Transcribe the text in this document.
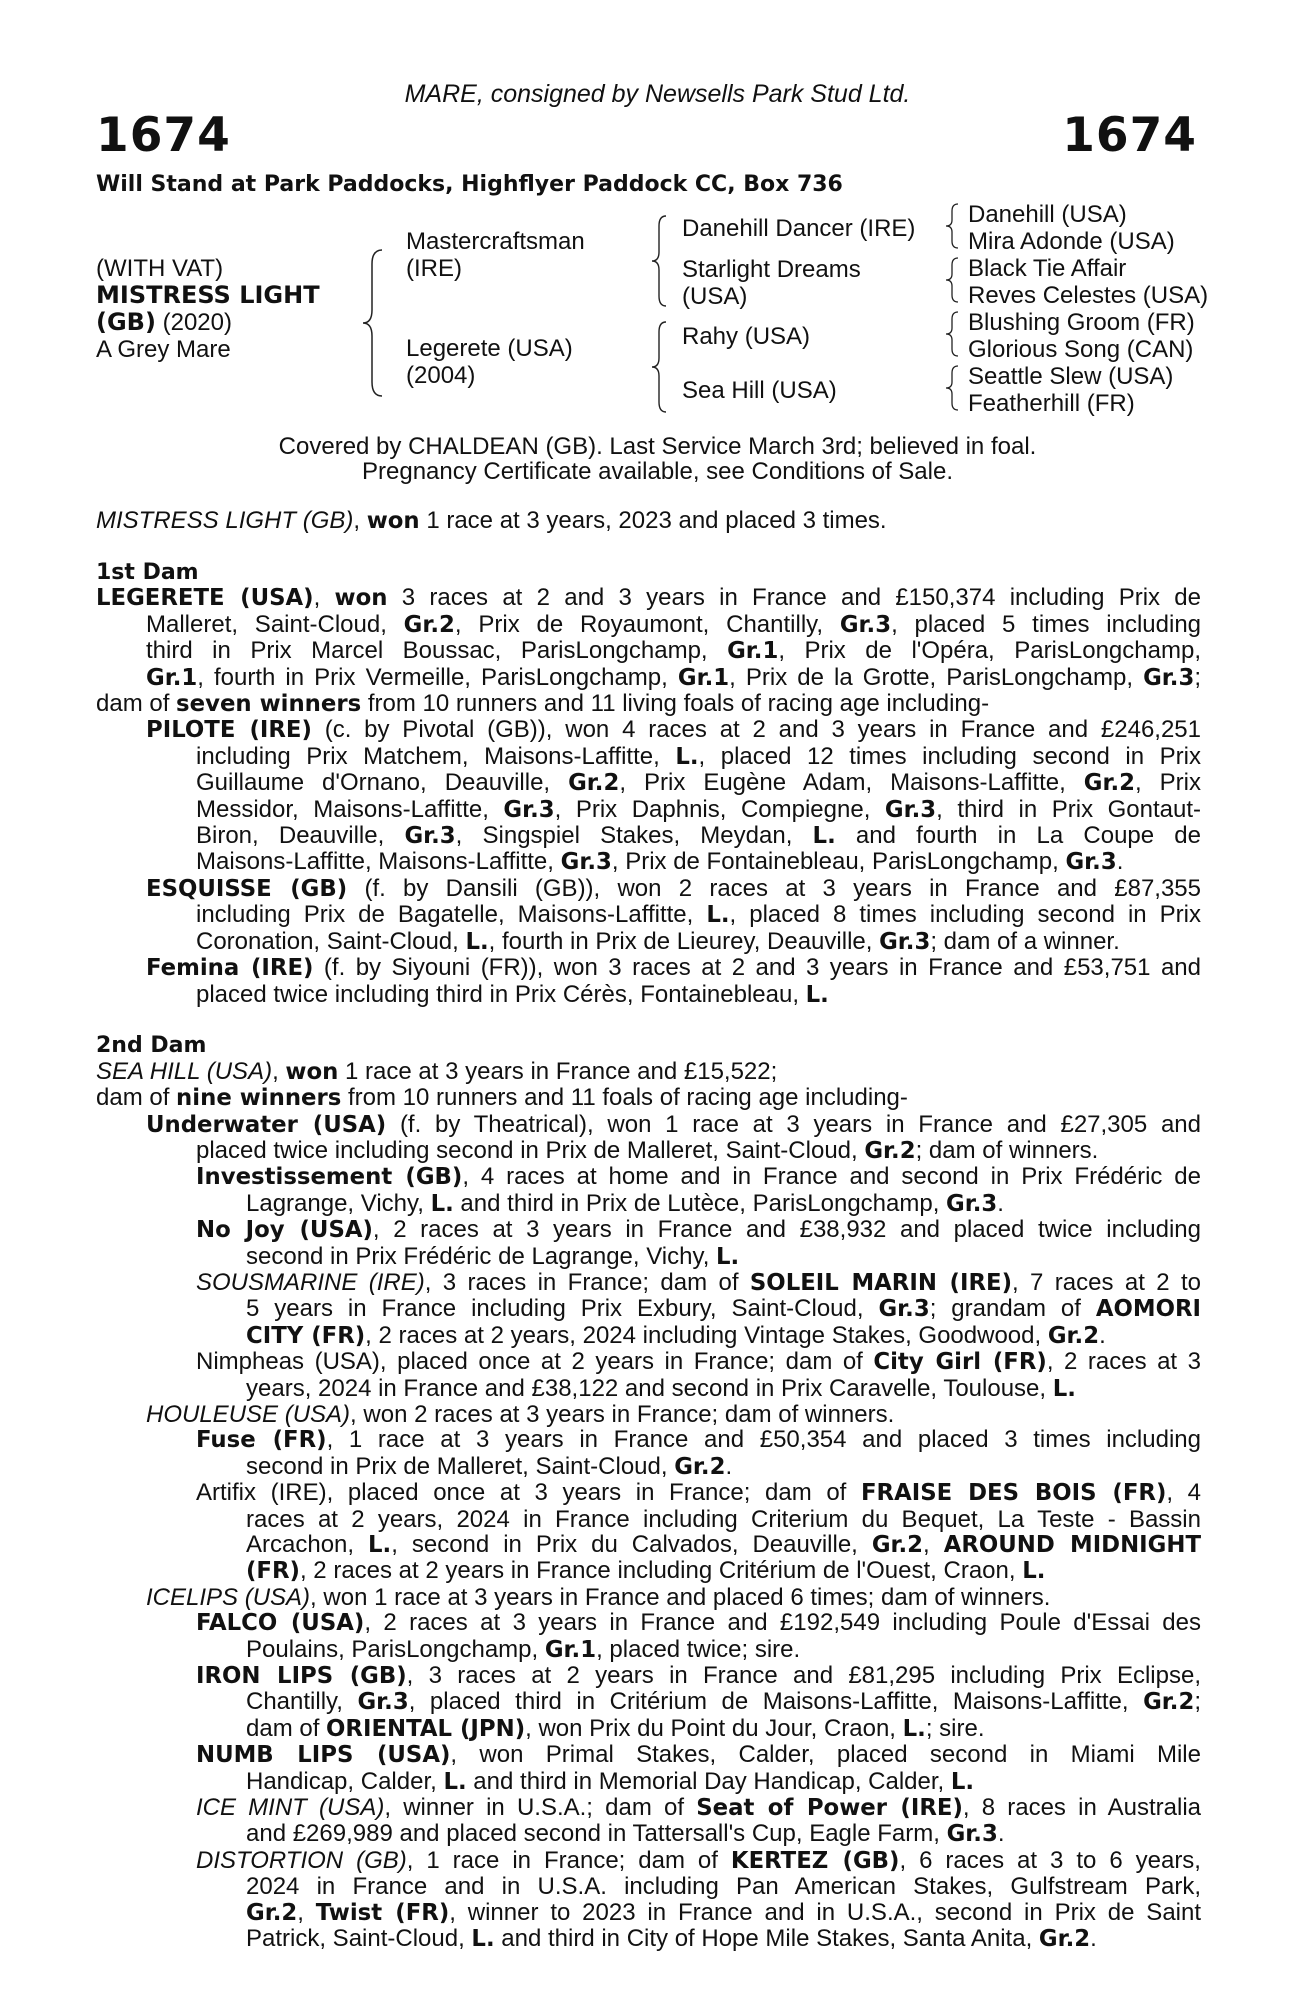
MARE, consigned by Newsells Park Stud Ltd.
1674	1674
Will Stand at Park Paddocks, Highflyer Paddock CC, Box 736
(WITH VAT)
MISTRESS LIGHT
(GB) (2020)
A Grey Mare
Mastercraftsman
(IRE)
Legerete (USA)
(2004)
Danehill Dancer (IRE)
Starlight Dreams
(USA)
Rahy (USA)
Sea Hill (USA)
Danehill (USA)
Mira Adonde (USA)
Black Tie Affair
Reves Celestes (USA)
Blushing Groom (FR)
Glorious Song (CAN)
Seattle Slew (USA)
Featherhill (FR)
Covered by CHALDEAN (GB). Last Service March 3rd; believed in foal.
Pregnancy Certificate available, see Conditions of Sale.

MISTRESS LIGHT (GB), won 1 race at 3 years, 2023 and placed 3 times.

1st Dam

LEGERETE (USA), won 3 races at 2 and 3 years in France and £150,374 including Prix de

Malleret, Saint-Cloud, Gr.2, Prix de Royaumont, Chantilly, Gr.3, placed 5 times including

third in Prix Marcel Boussac, ParisLongchamp, Gr.1, Prix de l'Opéra, ParisLongchamp,

Gr.1, fourth in Prix Vermeille, ParisLongchamp, Gr.1, Prix de la Grotte, ParisLongchamp, Gr.3;

dam of seven winners from 10 runners and 11 living foals of racing age including-

PILOTE (IRE) (c. by Pivotal (GB)), won 4 races at 2 and 3 years in France and £246,251

including Prix Matchem, Maisons-Laffitte, L., placed 12 times including second in Prix

Guillaume d'Ornano, Deauville, Gr.2, Prix Eugène Adam, Maisons-Laffitte, Gr.2, Prix

Messidor, Maisons-Laffitte, Gr.3, Prix Daphnis, Compiegne, Gr.3, third in Prix Gontaut-

Biron, Deauville, Gr.3, Singspiel Stakes, Meydan, L. and fourth in La Coupe de

Maisons-Laffitte, Maisons-Laffitte, Gr.3, Prix de Fontainebleau, ParisLongchamp, Gr.3.

ESQUISSE (GB) (f. by Dansili (GB)), won 2 races at 3 years in France and £87,355

including Prix de Bagatelle, Maisons-Laffitte, L., placed 8 times including second in Prix

Coronation, Saint-Cloud, L., fourth in Prix de Lieurey, Deauville, Gr.3; dam of a winner.

Femina (IRE) (f. by Siyouni (FR)), won 3 races at 2 and 3 years in France and £53,751 and

placed twice including third in Prix Cérès, Fontainebleau, L.

2nd Dam

SEA HILL (USA), won 1 race at 3 years in France and £15,522;

dam of nine winners from 10 runners and 11 foals of racing age including-

Underwater (USA) (f. by Theatrical), won 1 race at 3 years in France and £27,305 and

placed twice including second in Prix de Malleret, Saint-Cloud, Gr.2; dam of winners.

Investissement (GB), 4 races at home and in France and second in Prix Frédéric de

Lagrange, Vichy, L. and third in Prix de Lutèce, ParisLongchamp, Gr.3.

No Joy (USA), 2 races at 3 years in France and £38,932 and placed twice including

second in Prix Frédéric de Lagrange, Vichy, L.

SOUSMARINE (IRE), 3 races in France; dam of SOLEIL MARIN (IRE), 7 races at 2 to

5 years in France including Prix Exbury, Saint-Cloud, Gr.3; grandam of AOMORI

CITY (FR), 2 races at 2 years, 2024 including Vintage Stakes, Goodwood, Gr.2.

Nimpheas (USA), placed once at 2 years in France; dam of City Girl (FR), 2 races at 3

years, 2024 in France and £38,122 and second in Prix Caravelle, Toulouse, L.

HOULEUSE (USA), won 2 races at 3 years in France; dam of winners.

Fuse (FR), 1 race at 3 years in France and £50,354 and placed 3 times including

second in Prix de Malleret, Saint-Cloud, Gr.2.

Artifix (IRE), placed once at 3 years in France; dam of FRAISE DES BOIS (FR), 4

races at 2 years, 2024 in France including Criterium du Bequet, La Teste - Bassin

Arcachon, L., second in Prix du Calvados, Deauville, Gr.2, AROUND MIDNIGHT

(FR), 2 races at 2 years in France including Critérium de l'Ouest, Craon, L.

ICELIPS (USA), won 1 race at 3 years in France and placed 6 times; dam of winners.

FALCO (USA), 2 races at 3 years in France and £192,549 including Poule d'Essai des

Poulains, ParisLongchamp, Gr.1, placed twice; sire.

IRON LIPS (GB), 3 races at 2 years in France and £81,295 including Prix Eclipse,

Chantilly, Gr.3, placed third in Critérium de Maisons-Laffitte, Maisons-Laffitte, Gr.2;

dam of ORIENTAL (JPN), won Prix du Point du Jour, Craon, L.; sire.

NUMB LIPS (USA), won Primal Stakes, Calder, placed second in Miami Mile

Handicap, Calder, L. and third in Memorial Day Handicap, Calder, L.

ICE MINT (USA), winner in U.S.A.; dam of Seat of Power (IRE), 8 races in Australia

and £269,989 and placed second in Tattersall's Cup, Eagle Farm, Gr.3.

DISTORTION (GB), 1 race in France; dam of KERTEZ (GB), 6 races at 3 to 6 years,

2024 in France and in U.S.A. including Pan American Stakes, Gulfstream Park,

Gr.2, Twist (FR), winner to 2023 in France and in U.S.A., second in Prix de Saint

Patrick, Saint-Cloud, L. and third in City of Hope Mile Stakes, Santa Anita, Gr.2.
